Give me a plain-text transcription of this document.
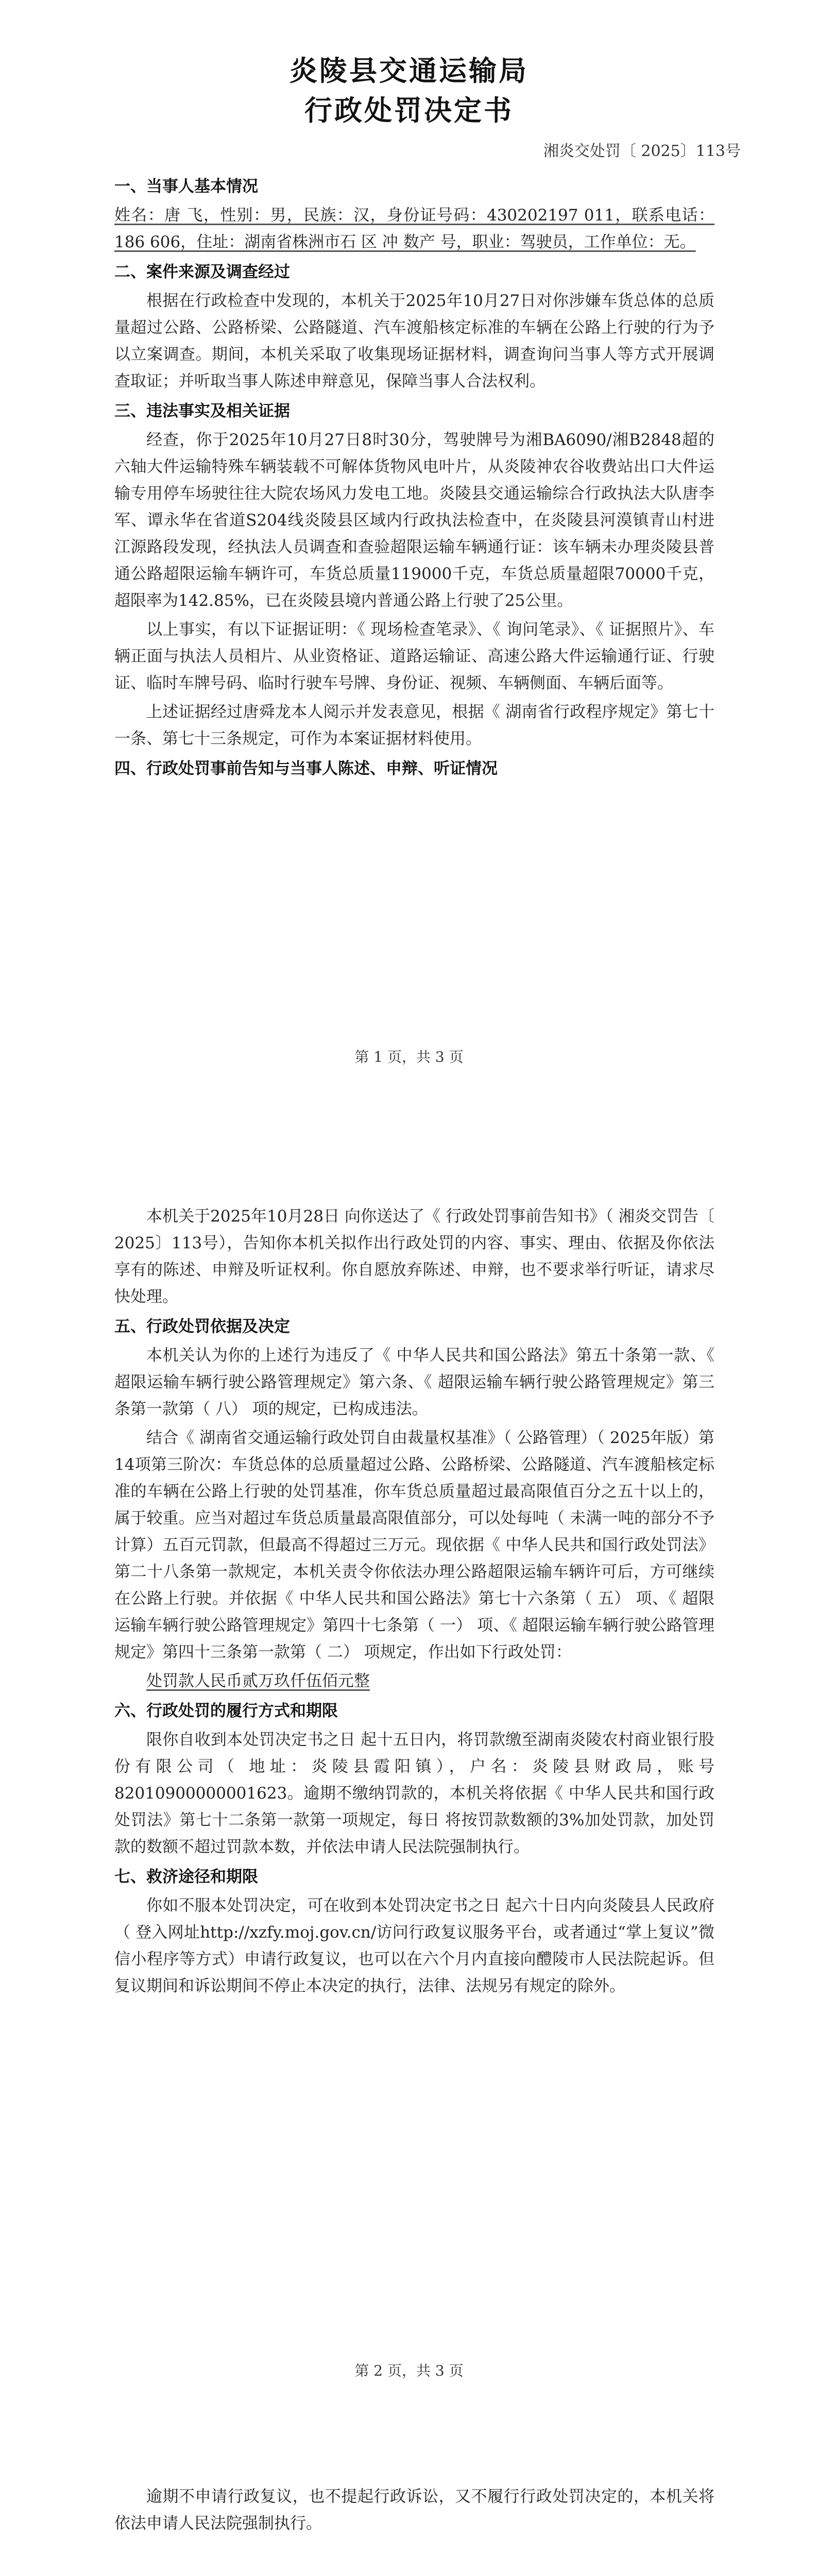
炎陵县交通运输局
行政处罚决定书
湘炎交处罚〔 2025〕113号
一、当事人基本情况

姓名：唐 飞，性别：男，民族：汉，身份证号码：430202197 011，联系电话：186 606，住址：湖南省株洲市石 区 冲 数产 号，职业：驾驶员，工作单位：无。

二、案件来源及调查经过

根据在行政检查中发现的，本机关于2025年10月27日对你涉嫌车货总体的总质量超过公路、公路桥梁、公路隧道、汽车渡船核定标准的车辆在公路上行驶的行为予以立案调查。期间，本机关采取了收集现场证据材料，调查询问当事人等方式开展调查取证；并听取当事人陈述申辩意见，保障当事人合法权利。

三、违法事实及相关证据

经查，你于2025年10月27日8时30分，驾驶牌号为湘BA6090/湘B2848超的六轴大件运输特殊车辆装载不可解体货物风电叶片，从炎陵神农谷收费站出口大件运输专用停车场驶往往大院农场风力发电工地。炎陵县交通运输综合行政执法大队唐李军、谭永华在省道S204线炎陵县区域内行政执法检查中，在炎陵县河漠镇青山村进江源路段发现，经执法人员调查和查验超限运输车辆通行证：该车辆未办理炎陵县普通公路超限运输车辆许可，车货总质量119000千克，车货总质量超限70000千克，超限率为142.85%，已在炎陵县境内普通公路上行驶了25公里。

以上事实，有以下证据证明：《 现场检查笔录》、《 询问笔录》、《 证据照片》、车辆正面与执法人员相片、从业资格证、道路运输证、高速公路大件运输通行证、行驶证、临时车牌号码、临时行驶车号牌、身份证、视频、车辆侧面、车辆后面等。

上述证据经过唐舜龙本人阅示并发表意见，根据《 湖南省行政程序规定》第七十一条、第七十三条规定，可作为本案证据材料使用。

四、行政处罚事前告知与当事人陈述、申辩、听证情况
第 1 页，共 3 页

本机关于2025年10月28日 向你送达了《 行政处罚事前告知书》（ 湘炎交罚告〔 2025〕113号），告知你本机关拟作出行政处罚的内容、事实、理由、依据及你依法享有的陈述、申辩及听证权利。你自愿放弃陈述、申辩，也不要求举行听证，请求尽快处理。

五、行政处罚依据及决定

本机关认为你的上述行为违反了《 中华人民共和国公路法》第五十条第一款、《 超限运输车辆行驶公路管理规定》第六条、《 超限运输车辆行驶公路管理规定》第三条第一款第（ 八） 项的规定，已构成违法。

结合《 湖南省交通运输行政处罚自由裁量权基准》（ 公路管理）（ 2025年版）第14项第三阶次：车货总体的总质量超过公路、公路桥梁、公路隧道、汽车渡船核定标准的车辆在公路上行驶的处罚基准，你车货总质量超过最高限值百分之五十以上的，属于较重。应当对超过车货总质量最高限值部分，可以处每吨（ 未满一吨的部分不予计算）五百元罚款，但最高不得超过三万元。现依据《 中华人民共和国行政处罚法》第二十八条第一款规定，本机关责令你依法办理公路超限运输车辆许可后，方可继续在公路上行驶。并依据《 中华人民共和国公路法》第七十六条第（ 五） 项、《 超限运输车辆行驶公路管理规定》第四十七条第（ 一） 项、《 超限运输车辆行驶公路管理规定》第四十三条第一款第（ 二） 项规定，作出如下行政处罚：

处罚款人民币贰万玖仟伍佰元整

六、行政处罚的履行方式和期限

限你自收到本处罚决定书之日 起十五日内，将罚款缴至湖南炎陵农村商业银行股份有限公司（ 地址：炎陵县霞阳镇），户名：炎陵县财政局，账号82010900000001623。逾期不缴纳罚款的，本机关将依据《 中华人民共和国行政处罚法》第七十二条第一款第一项规定，每日 将按罚款数额的3%加处罚款，加处罚款的数额不超过罚款本数，并依法申请人民法院强制执行。

七、救济途径和期限

你如不服本处罚决定，可在收到本处罚决定书之日 起六十日内向炎陵县人民政府（ 登入网址http://xzfy.moj.gov.cn/访问行政复议服务平台，或者通过“掌上复议”微信小程序等方式）申请行政复议，也可以在六个月内直接向醴陵市人民法院起诉。但复议期间和诉讼期间不停止本决定的执行，法律、法规另有规定的除外。

第 2 页，共 3 页

逾期不申请行政复议，也不提起行政诉讼，又不履行行政处罚决定的，本机关将依法申请人民法院强制执行。
